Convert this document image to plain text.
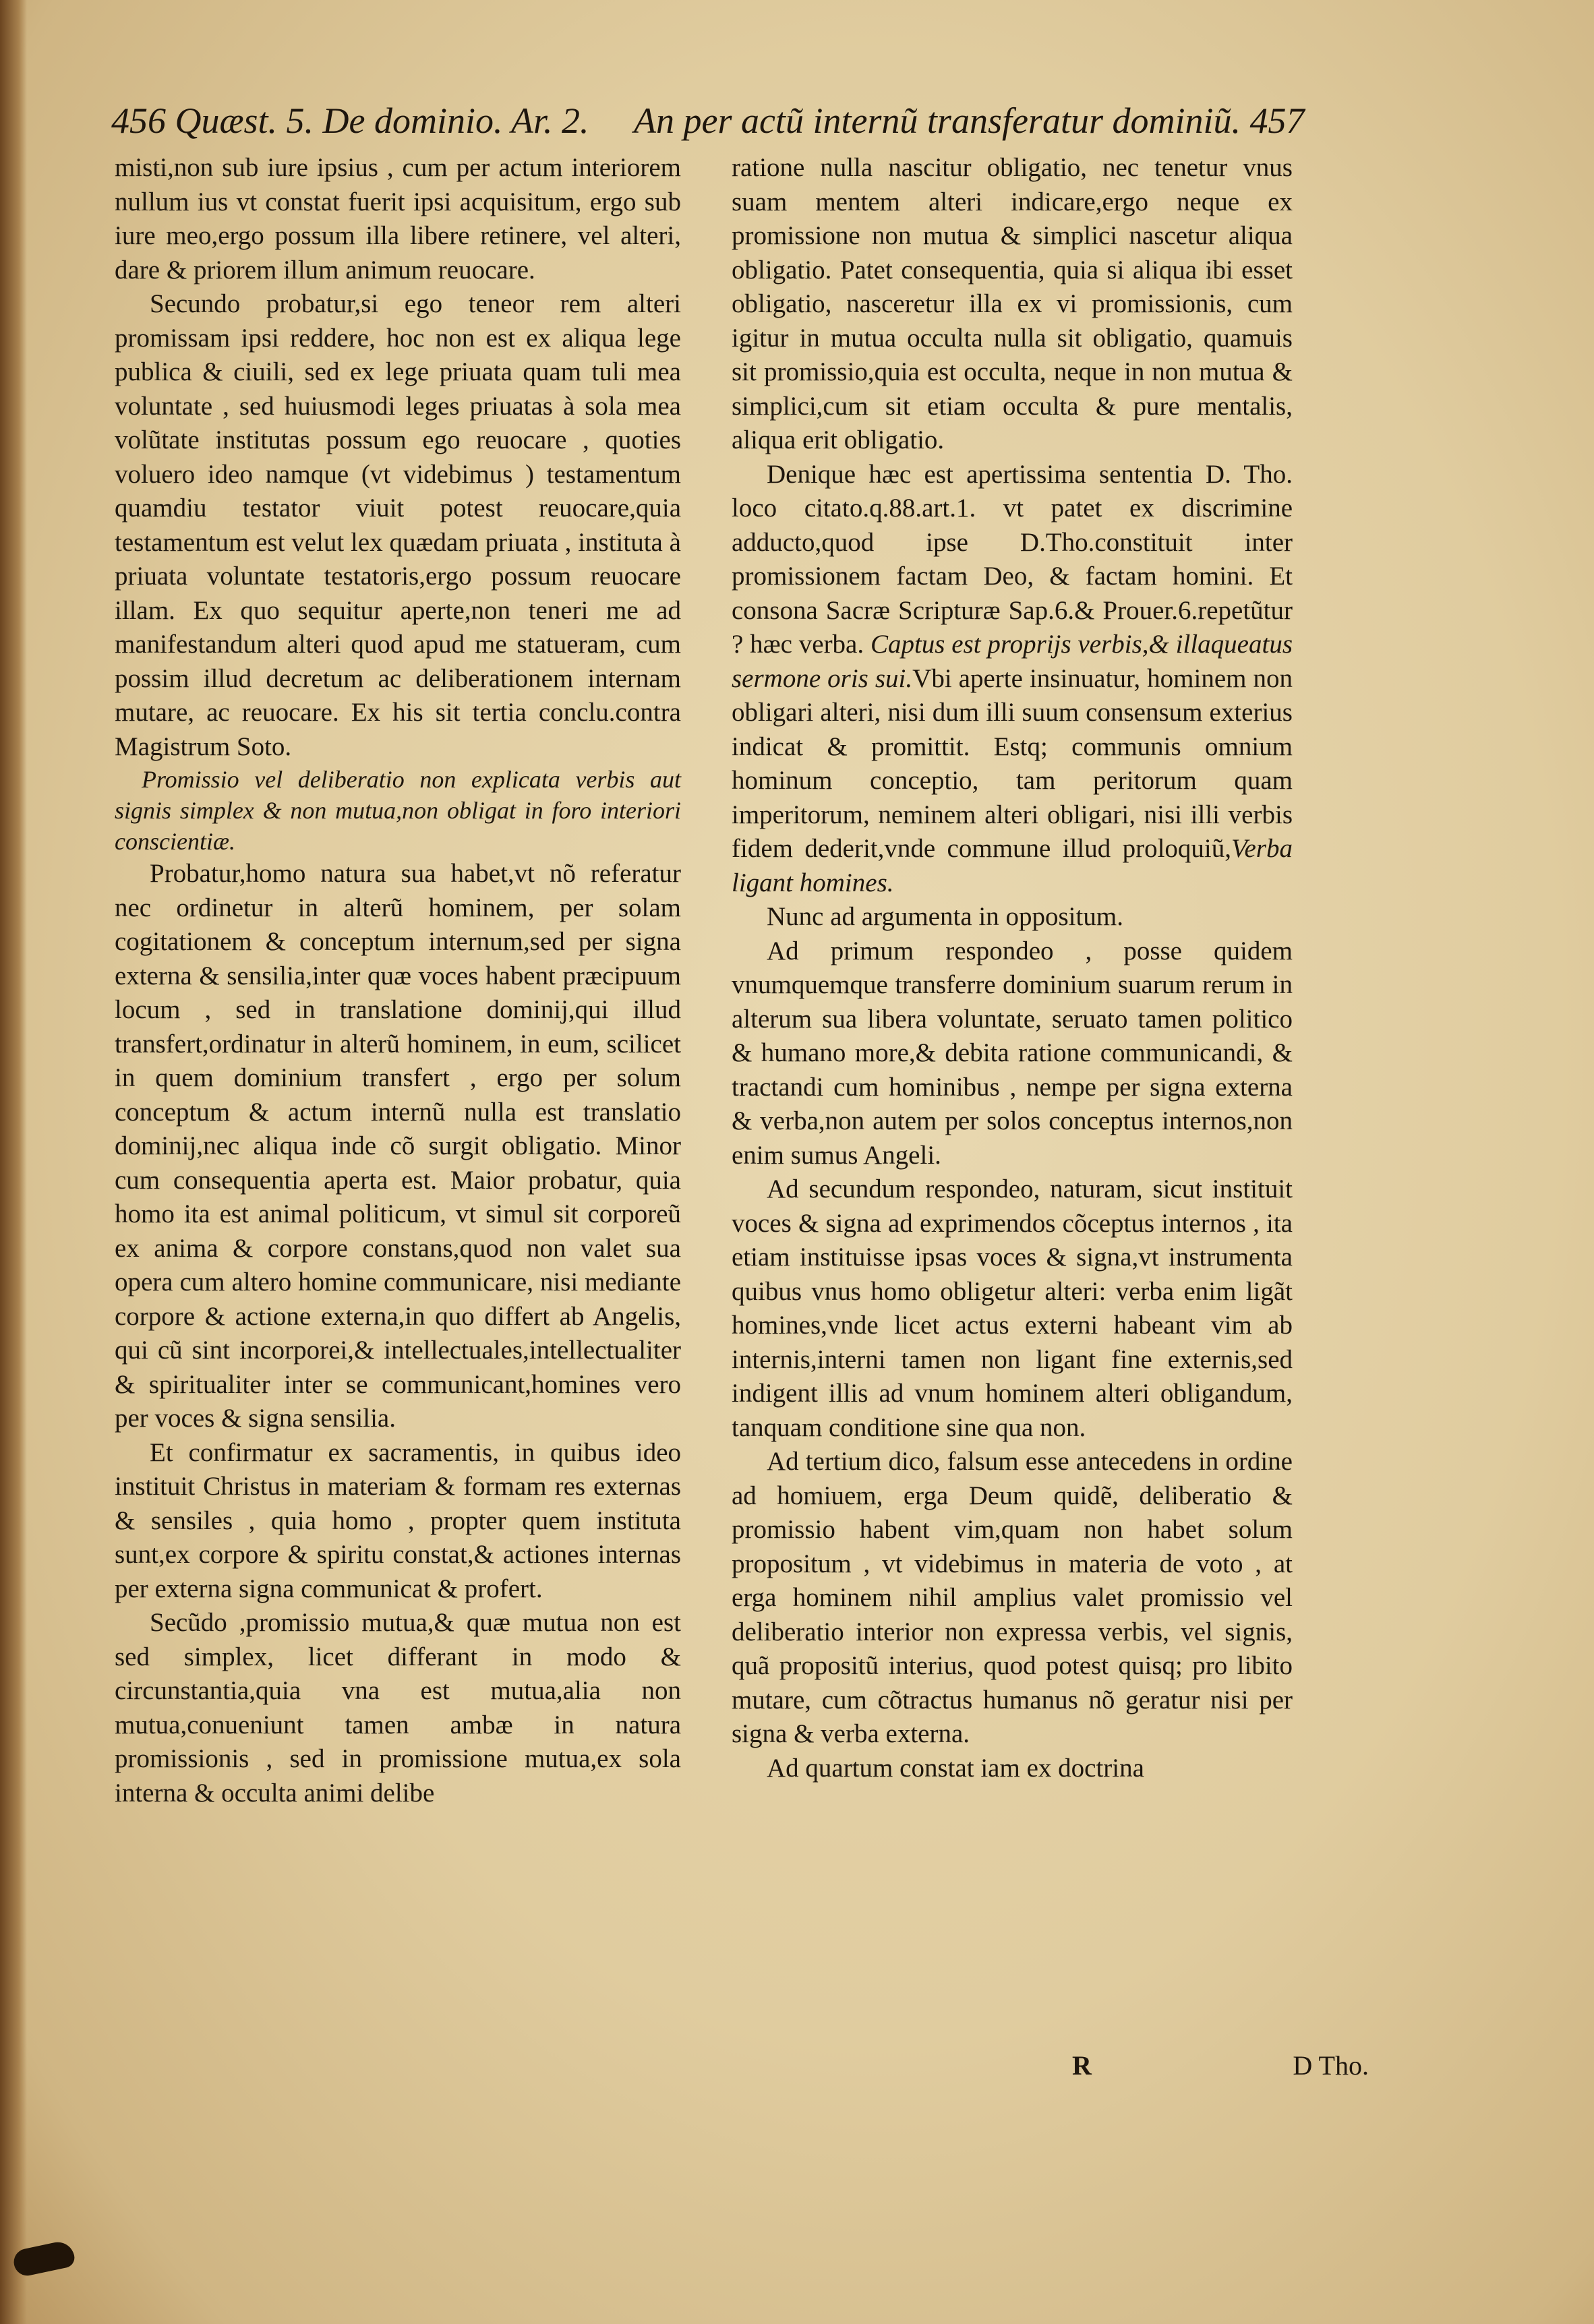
456 Quæst. 5. De dominio. Ar. 2. An per actũ internũ transferatur dominiũ. 457

misti,non sub iure ipsius , cum per actum interiorem nullum ius vt constat fuerit ipsi acquisitum, ergo sub iure meo,ergo possum illa libere retinere, vel alteri, dare & priorem illum animum reuocare.

Secundo probatur,si ego teneor rem alteri promissam ipsi reddere, hoc non est ex aliqua lege publica & ciuili, sed ex lege priuata quam tuli mea voluntate , sed huiusmodi leges priuatas à sola mea volũtate institutas possum ego reuocare , quoties voluero ideo namque (vt videbimus ) testamentum quamdiu testator viuit potest reuocare,quia testamentum est velut lex quædam priuata , instituta à priuata voluntate testatoris,ergo possum reuocare illam. Ex quo sequitur aperte,non teneri me ad manifestandum alteri quod apud me statueram, cum possim illud decretum ac deliberationem internam mutare, ac reuocare. Ex his sit tertia conclu.contra Magistrum Soto.

Promissio vel deliberatio non explicata verbis aut signis simplex & non mutua,non obligat in foro interiori conscientiæ.

Probatur,homo natura sua habet,vt nõ referatur nec ordinetur in alterũ hominem, per solam cogitationem & conceptum internum,sed per signa externa & sensilia,inter quæ voces habent præcipuum locum , sed in translatione dominij,qui illud transfert,ordinatur in alterũ hominem, in eum, scilicet in quem dominium transfert , ergo per solum conceptum & actum internũ nulla est translatio dominij,nec aliqua inde cõ surgit obligatio. Minor cum consequentia aperta est. Maior probatur, quia homo ita est animal politicum, vt simul sit corporeũ ex anima & corpore constans,quod non valet sua opera cum altero homine communicare, nisi mediante corpore & actione externa,in quo differt ab Angelis, qui cũ sint incorporei,& intellectuales,intellectualiter & spiritualiter inter se communicant,homines vero per voces & signa sensilia.

Et confirmatur ex sacramentis, in quibus ideo instituit Christus in materiam & formam res externas & sensiles , quia homo , propter quem instituta sunt,ex corpore & spiritu constat,& actiones internas per externa signa communicat & profert.

Secũdo ,promissio mutua,& quæ mutua non est sed simplex, licet differant in modo & circunstantia,quia vna est mutua,alia non mutua,conueniunt tamen ambæ in natura promissionis , sed in promissione mutua,ex sola interna & occulta animi delibe

ratione nulla nascitur obligatio, nec tenetur vnus suam mentem alteri indicare,ergo neque ex promissione non mutua & simplici nascetur aliqua obligatio. Patet consequentia, quia si aliqua ibi esset obligatio, nasceretur illa ex vi promissionis, cum igitur in mutua occulta nulla sit obligatio, quamuis sit promissio,quia est occulta, neque in non mutua & simplici,cum sit etiam occulta & pure mentalis, aliqua erit obligatio.

Denique hæc est apertissima sententia D. Tho. loco citato.q.88.art.1. vt patet ex discrimine adducto,quod ipse D.Tho.constituit inter promissionem factam Deo, & factam homini. Et consona Sacræ Scripturæ Sap.6.& Prouer.6.repetũtur ? hæc verba. Captus est proprijs verbis,& illaqueatus sermone oris sui.Vbi aperte insinuatur, hominem non obligari alteri, nisi dum illi suum consensum exterius indicat & promittit. Estq; communis omnium hominum conceptio, tam peritorum quam imperitorum, neminem alteri obligari, nisi illi verbis fidem dederit,vnde commune illud proloquiũ,Verba ligant homines.

Nunc ad argumenta in oppositum.

Ad primum respondeo , posse quidem vnumquemque transferre dominium suarum rerum in alterum sua libera voluntate, seruato tamen politico & humano more,& debita ratione communicandi, & tractandi cum hominibus , nempe per signa externa & verba,non autem per solos conceptus internos,non enim sumus Angeli.

Ad secundum respondeo, naturam, sicut instituit voces & signa ad exprimendos cõceptus internos , ita etiam instituisse ipsas voces & signa,vt instrumenta quibus vnus homo obligetur alteri: verba enim ligãt homines,vnde licet actus externi habeant vim ab internis,interni tamen non ligant fine externis,sed indigent illis ad vnum hominem alteri obligandum, tanquam conditione sine qua non.

Ad tertium dico, falsum esse antecedens in ordine ad homiuem, erga Deum quidẽ, deliberatio & promissio habent vim,quam non habet solum propositum , vt videbimus in materia de voto , at erga hominem nihil amplius valet promissio vel deliberatio interior non expressa verbis, vel signis, quã propositũ interius, quod potest quisq; pro libito mutare, cum cõtractus humanus nõ geratur nisi per signa & verba externa.

Ad quartum constat iam ex doctrina

R	D Tho.
